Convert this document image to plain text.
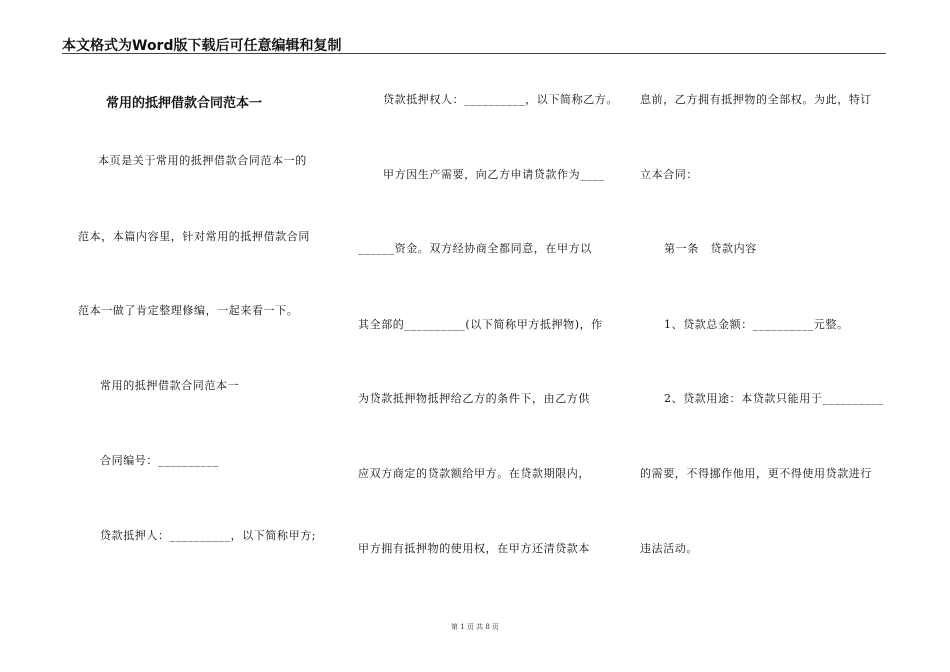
本文格式为Word版下载后可任意编辑和复制
常用的抵押借款合同范本一
本页是关于常用的抵押借款合同范本一的
范本，本篇内容里，针对常用的抵押借款合同
范本一做了肯定整理修编，一起来看一下。
常用的抵押借款合同范本一
合同编号：__________
贷款抵押人：__________，以下简称甲方;
贷款抵押权人：__________，以下简称乙方。
甲方因生产需要，向乙方申请贷款作为____
______资金。双方经协商全都同意，在甲方以
其全部的__________(以下简称甲方抵押物)，作
为贷款抵押物抵押给乙方的条件下，由乙方供
应双方商定的贷款额给甲方。在贷款期限内，
甲方拥有抵押物的使用权，在甲方还清贷款本
息前，乙方拥有抵押物的全部权。为此，特订
立本合同：
第一条　贷款内容
1、贷款总金额：__________元整。
2、贷款用途：本贷款只能用于__________
的需要，不得挪作他用，更不得使用贷款进行
违法活动。
第 1 页 共 8 页
